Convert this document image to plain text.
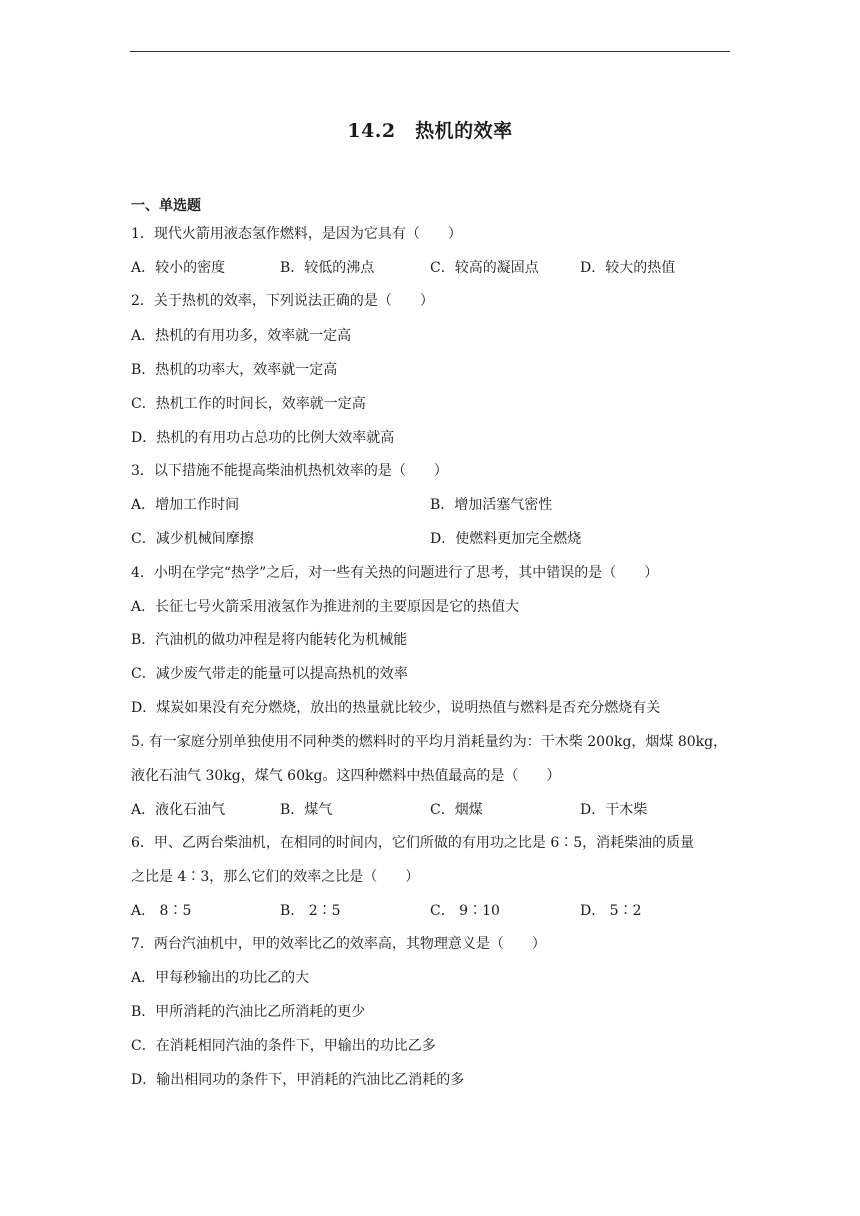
14.2　热机的效率
一、单选题
1．现代火箭用液态氢作燃料，是因为它具有（　　）
A．较小的密度	B．较低的沸点	C．较高的凝固点	D．较大的热值
2．关于热机的效率，下列说法正确的是（　　）
A．热机的有用功多，效率就一定高
B．热机的功率大，效率就一定高
C．热机工作的时间长，效率就一定高
D．热机的有用功占总功的比例大效率就高
3．以下措施不能提高柴油机热机效率的是（　　）
A．增加工作时间	B．增加活塞气密性
C．减少机械间摩擦	D．使燃料更加完全燃烧
4．小明在学完“热学”之后，对一些有关热的问题进行了思考，其中错误的是（　　）
A．长征七号火箭采用液氢作为推进剂的主要原因是它的热值大
B．汽油机的做功冲程是将内能转化为机械能
C．减少废气带走的能量可以提高热机的效率
D．煤炭如果没有充分燃烧，放出的热量就比较少，说明热值与燃料是否充分燃烧有关
5. 有一家庭分别单独使用不同种类的燃料时的平均月消耗量约为：干木柴 200kg，烟煤 80kg，
液化石油气 30kg，煤气 60kg。这四种燃料中热值最高的是（　　）
A．液化石油气	B．煤气	C．烟煤	D．干木柴
6．甲、乙两台柴油机，在相同的时间内，它们所做的有用功之比是 6∶5，消耗柴油的质量
之比是 4∶3，那么它们的效率之比是（　　）
A． 8∶5	B． 2∶5	C． 9∶10	D． 5∶2
7．两台汽油机中，甲的效率比乙的效率高，其物理意义是（　　）
A．甲每秒输出的功比乙的大
B．甲所消耗的汽油比乙所消耗的更少
C．在消耗相同汽油的条件下，甲输出的功比乙多
D．输出相同功的条件下，甲消耗的汽油比乙消耗的多
